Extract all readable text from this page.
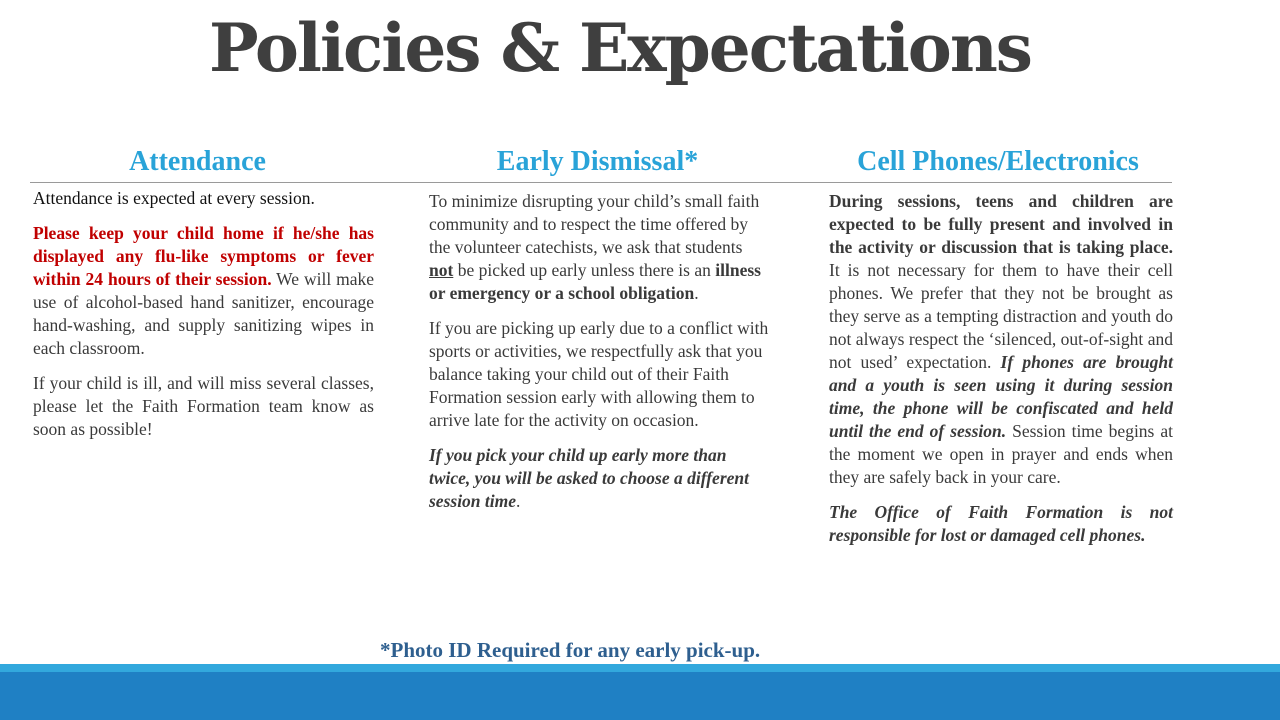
Policies & Expectations
Attendance	Early Dismissal*	Cell Phones/Electronics

Attendance is expected at every session.

Please keep your child home if he/she has displayed any flu-like symptoms or fever within 24 hours of their session. We will make use of alcohol-based hand sanitizer, encourage hand-washing, and supply sanitizing wipes in each classroom.

If your child is ill, and will miss several classes, please let the Faith Formation team know as soon as possible!

To minimize disrupting your child’s small faith community and to respect the time offered by the volunteer catechists, we ask that students not be picked up early unless there is an illness or emergency or a school obligation.

If you are picking up early due to a conflict with sports or activities, we respectfully ask that you balance taking your child out of their Faith Formation session early with allowing them to arrive late for the activity on occasion.

If you pick your child up early more than twice, you will be asked to choose a different session time.

During sessions, teens and children are expected to be fully present and involved in the activity or discussion that is taking place. It is not necessary for them to have their cell phones. We prefer that they not be brought as they serve as a tempting distraction and youth do not always respect the ‘silenced, out-of-sight and not used’ expectation. If phones are brought and a youth is seen using it during session time, the phone will be confiscated and held until the end of session. Session time begins at the moment we open in prayer and ends when they are safely back in your care.

The Office of Faith Formation is not responsible for lost or damaged cell phones.

*Photo ID Required for any early pick-up.
